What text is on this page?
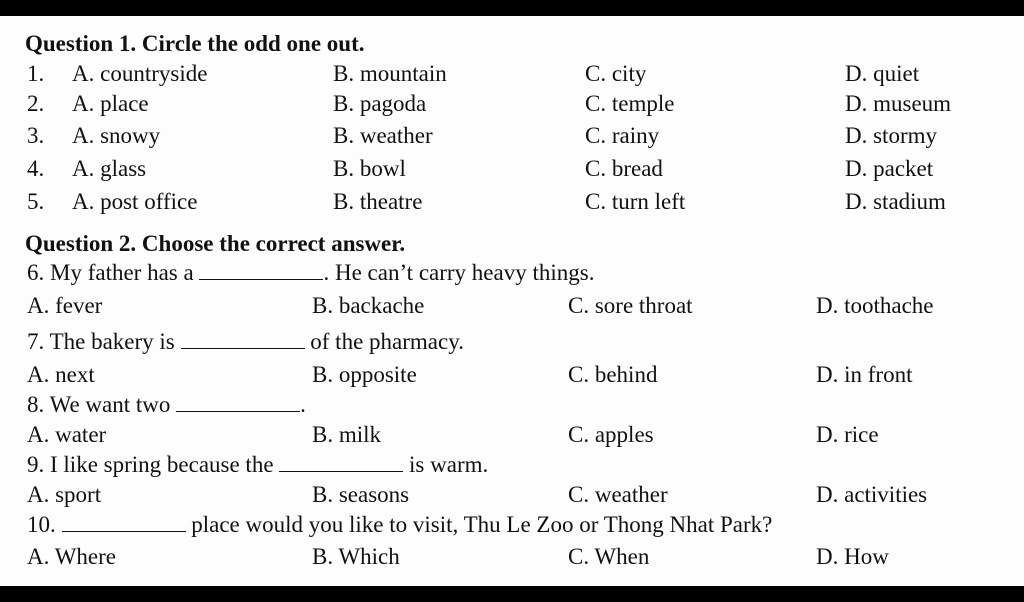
Question 1. Circle the odd one out.
1. A. countryside	B. mountain	C. city	D. quiet
2. A. place	B. pagoda	C. temple	D. museum
3. A. snowy	B. weather	C. rainy	D. stormy
4. A. glass	B. bowl	C. bread	D. packet
5. A. post office	B. theatre	C. turn left	D. stadium
Question 2. Choose the correct answer.
6. My father has a	. He can’t carry heavy things.
A. fever	B. backache	C. sore throat	D. toothache
7. The bakery is	of the pharmacy.
A. next	B. opposite	C. behind	D. in front
8. We want two	.
A. water	B. milk	C. apples	D. rice
9. I like spring because the	is warm.
A. sport	B. seasons	C. weather	D. activities
10.	place would you like to visit, Thu Le Zoo or Thong Nhat Park?
A. Where	B. Which	C. When	D. How
